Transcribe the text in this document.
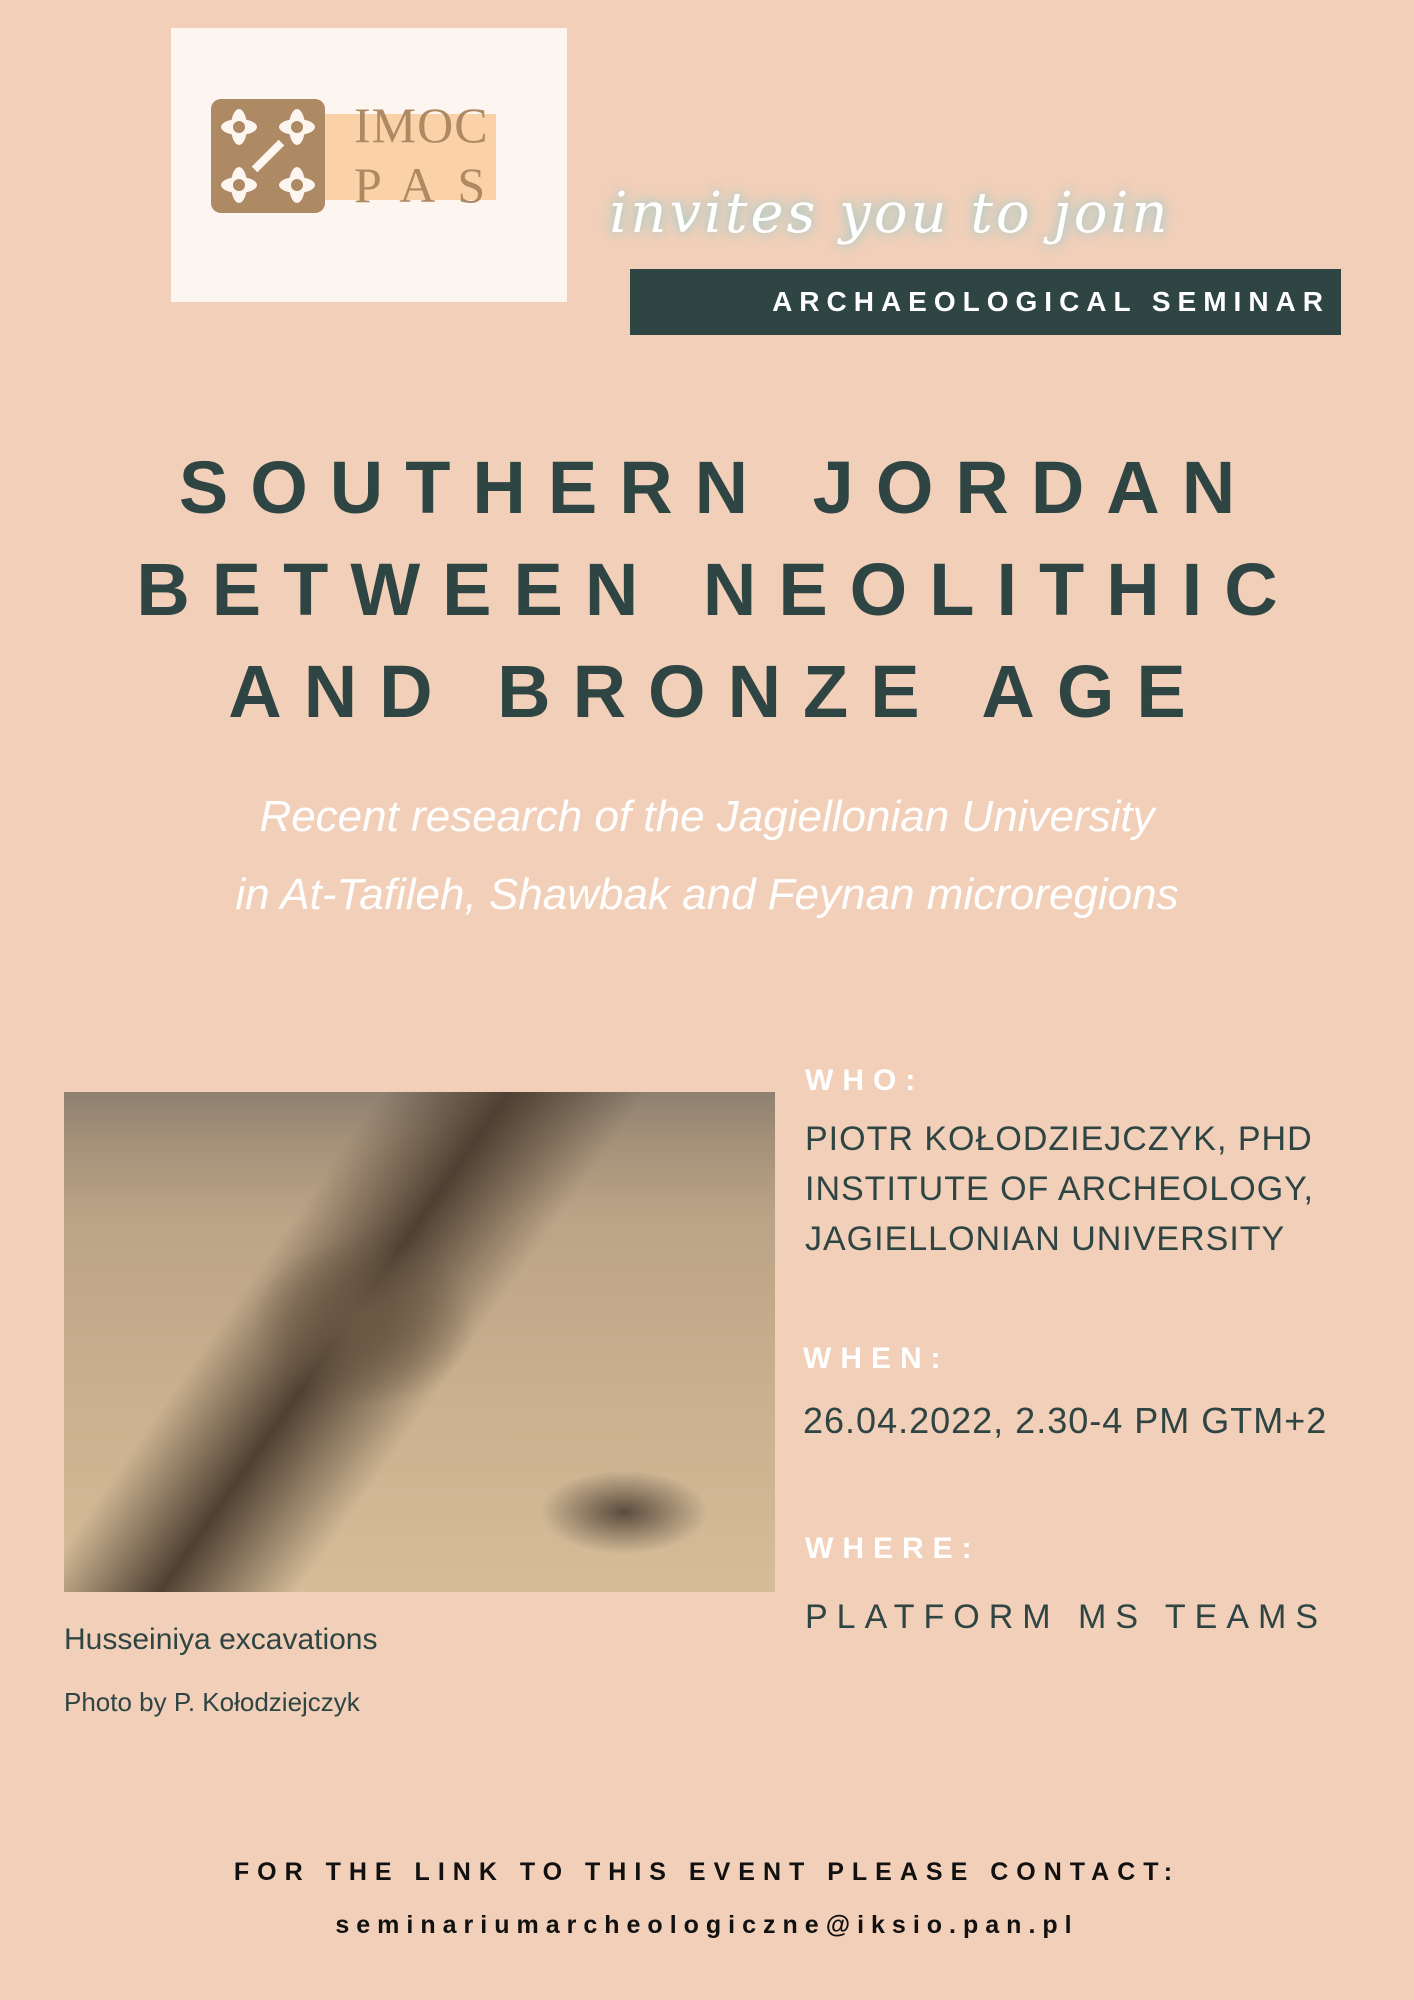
IMOC
PAS
ARCHAEOLOGICAL SEMINAR
invites you to join
SOUTHERN JORDAN
BETWEEN NEOLITHIC
AND BRONZE AGE
Recent research of the Jagiellonian University
in At-Tafileh, Shawbak and Feynan microregions
Husseiniya excavations
Photo by P. Kołodziejczyk
WHO:
PIOTR KOŁODZIEJCZYK, PHD
INSTITUTE OF ARCHEOLOGY,
JAGIELLONIAN UNIVERSITY
WHEN:
26.04.2022, 2.30-4 PM GTM+2
WHERE:
PLATFORM MS TEAMS
FOR THE LINK TO THIS EVENT PLEASE CONTACT:
seminariumarcheologiczne@iksio.pan.pl
